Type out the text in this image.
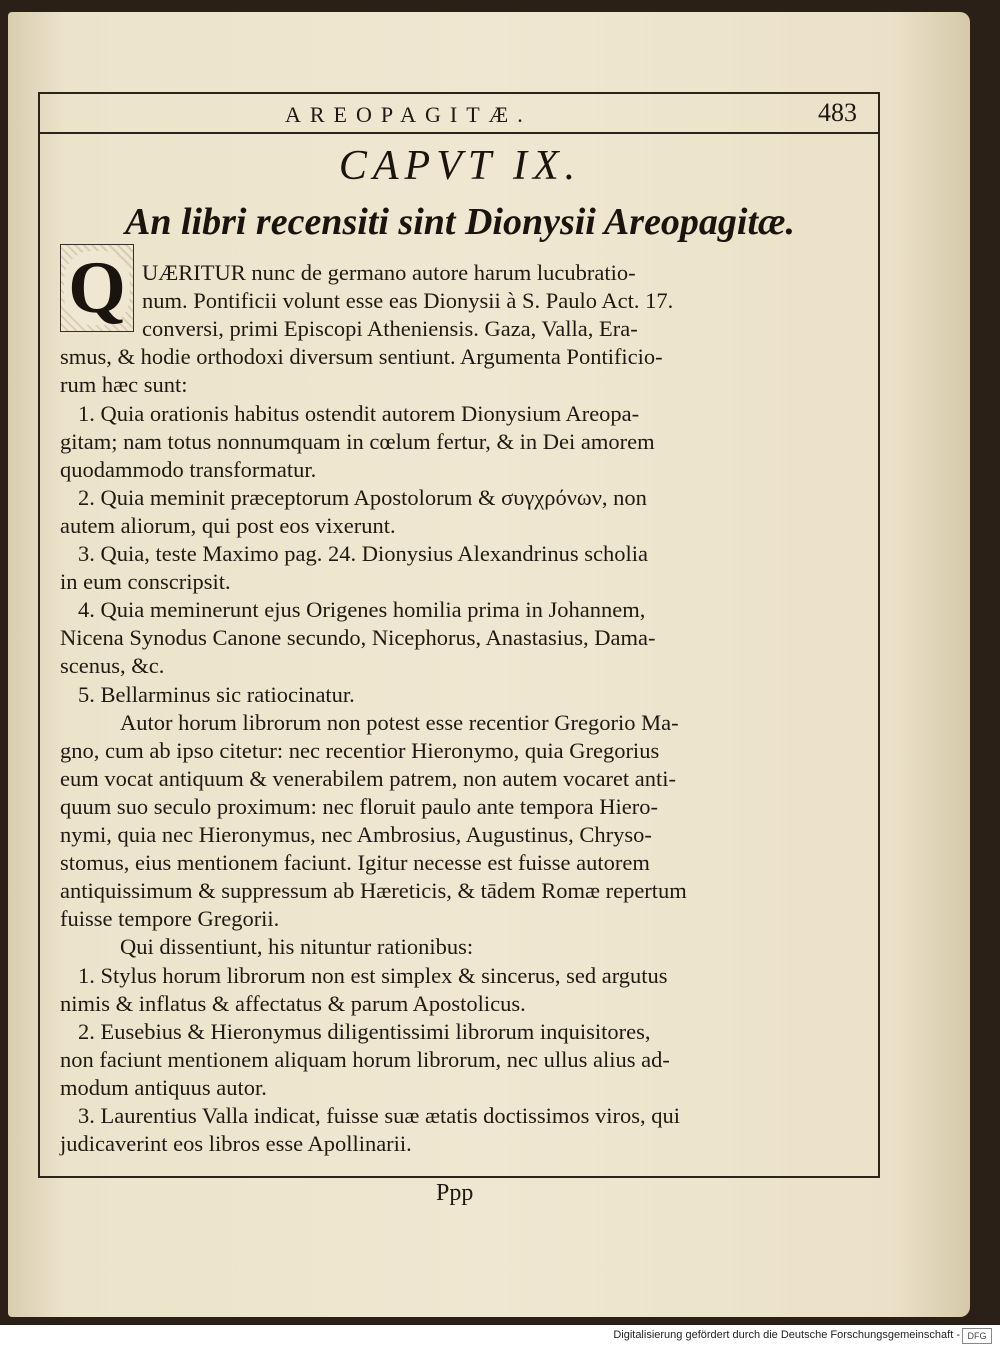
AREOPAGITÆ.	483
CAPVT IX.
An libri recensiti sint Dionysii Areopagitæ.
Q UÆRITUR nunc de germano autore harum lucubratio-
num. Pontificii volunt esse eas Dionysii à S. Paulo Act. 17.
conversi, primi Episcopi Atheniensis. Gaza, Valla, Era-
smus, & hodie orthodoxi diversum sentiunt. Argumenta Pontificio-
rum hæc sunt:
1. Quia orationis habitus ostendit autorem Dionysium Areopa-
gitam; nam totus nonnumquam in cœlum fertur, & in Dei amorem
quodammodo transformatur.
2. Quia meminit præceptorum Apostolorum & συγχρόνων, non
autem aliorum, qui post eos vixerunt.
3. Quia, teste Maximo pag. 24. Dionysius Alexandrinus scholia
in eum conscripsit.
4. Quia meminerunt ejus Origenes homilia prima in Johannem,
Nicena Synodus Canone secundo, Nicephorus, Anastasius, Dama-
scenus, &c.
5. Bellarminus sic ratiocinatur.
Autor horum librorum non potest esse recentior Gregorio Ma-
gno, cum ab ipso citetur: nec recentior Hieronymo, quia Gregorius
eum vocat antiquum & venerabilem patrem, non autem vocaret anti-
quum suo seculo proximum: nec floruit paulo ante tempora Hiero-
nymi, quia nec Hieronymus, nec Ambrosius, Augustinus, Chryso-
stomus, eius mentionem faciunt. Igitur necesse est fuisse autorem
antiquissimum & suppressum ab Hæreticis, & tādem Romæ repertum
fuisse tempore Gregorii.
Qui dissentiunt, his nituntur rationibus:
1. Stylus horum librorum non est simplex & sincerus, sed argutus
nimis & inflatus & affectatus & parum Apostolicus.
2. Eusebius & Hieronymus diligentissimi librorum inquisitores,
non faciunt mentionem aliquam horum librorum, nec ullus alius ad-
modum antiquus autor.
3. Laurentius Valla indicat, fuisse suæ ætatis doctissimos viros, qui
judicaverint eos libros esse Apollinarii.
Ppp
Digitalisierung gefördert durch die Deutsche Forschungsgemeinschaft - DFG
